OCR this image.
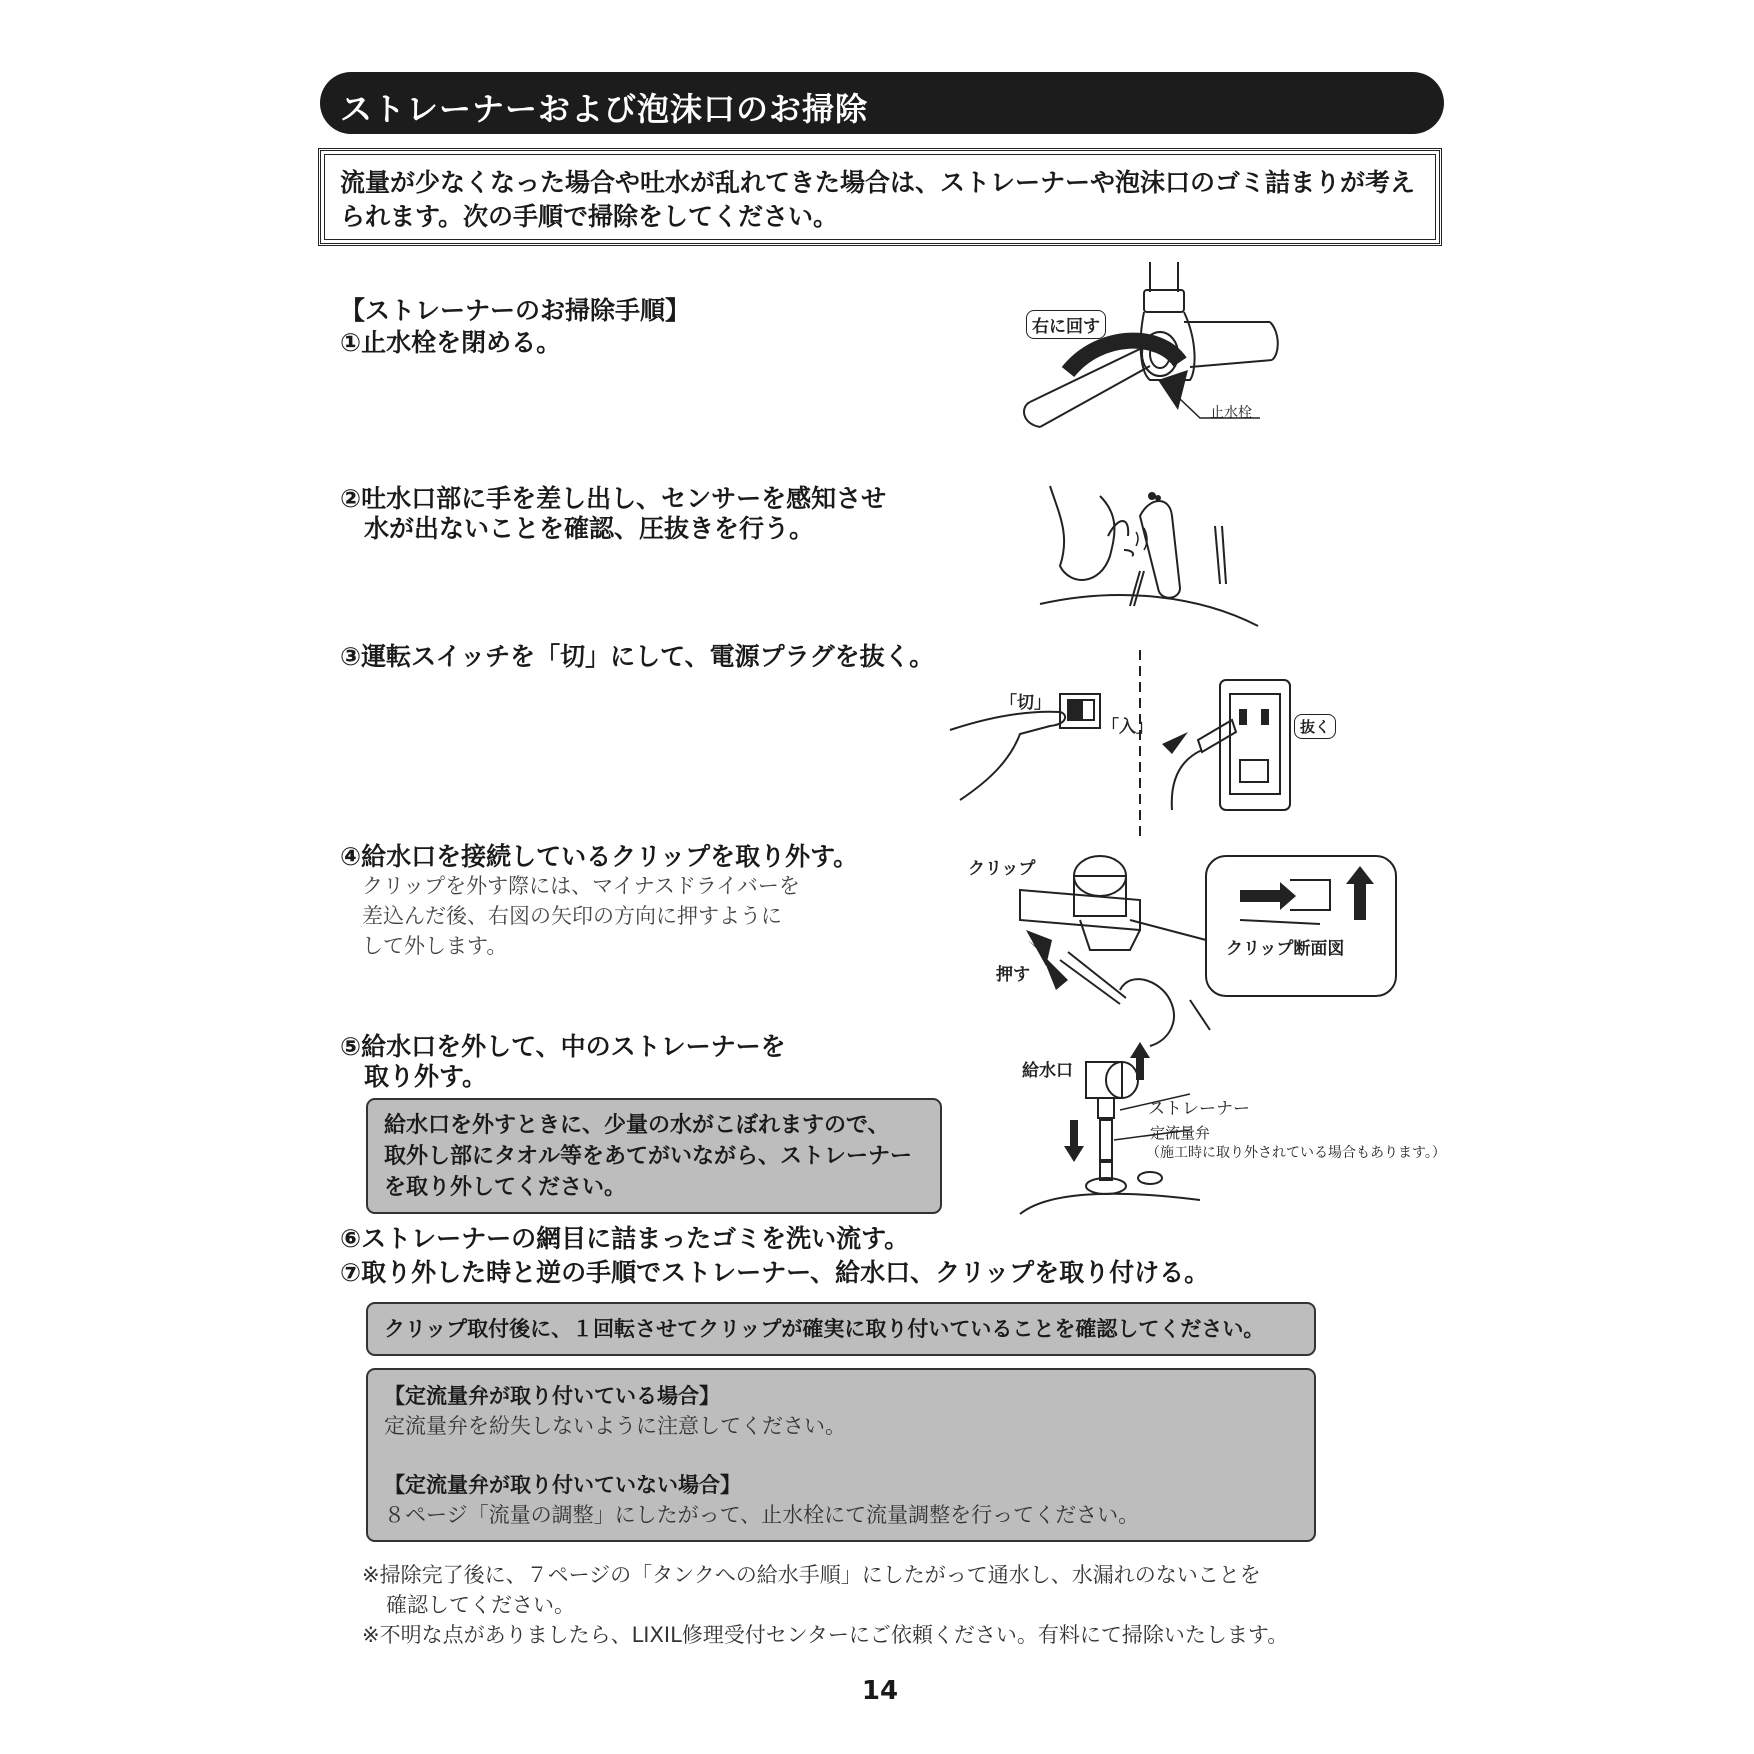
ストレーナーおよび泡沫口のお掃除
流量が少なくなった場合や吐水が乱れてきた場合は、ストレーナーや泡沫口のゴミ詰まりが考えられます。次の手順で掃除をしてください。
【ストレーナーのお掃除手順】
①止水栓を閉める。
②吐水口部に手を差し出し、センサーを感知させ
水が出ないことを確認、圧抜きを行う。
③運転スイッチを「切」にして、電源プラグを抜く。
④給水口を接続しているクリップを取り外す。
クリップを外す際には、マイナスドライバーを
差込んだ後、右図の矢印の方向に押すように
して外します。
⑤給水口を外して、中のストレーナーを
取り外す。
給水口を外すときに、少量の水がこぼれますので、
取外し部にタオル等をあてがいながら、ストレーナー
を取り外してください。
⑥ストレーナーの網目に詰まったゴミを洗い流す。
⑦取り外した時と逆の手順でストレーナー、給水口、クリップを取り付ける。
クリップ取付後に、１回転させてクリップが確実に取り付いていることを確認してください。
【定流量弁が取り付いている場合】
定流量弁を紛失しないように注意してください。
【定流量弁が取り付いていない場合】
８ページ「流量の調整」にしたがって、止水栓にて流量調整を行ってください。
※掃除完了後に、７ページの「タンクへの給水手順」にしたがって通水し、水漏れのないことを
確認してください。
※不明な点がありましたら、LIXIL修理受付センターにご依頼ください。有料にて掃除いたします。
14
右に回す
止水栓
「切」
「入」	抜く
クリップ
押す
クリップ断面図
給水口
ストレーナー
定流量弁
（施工時に取り外されている場合もあります。）
